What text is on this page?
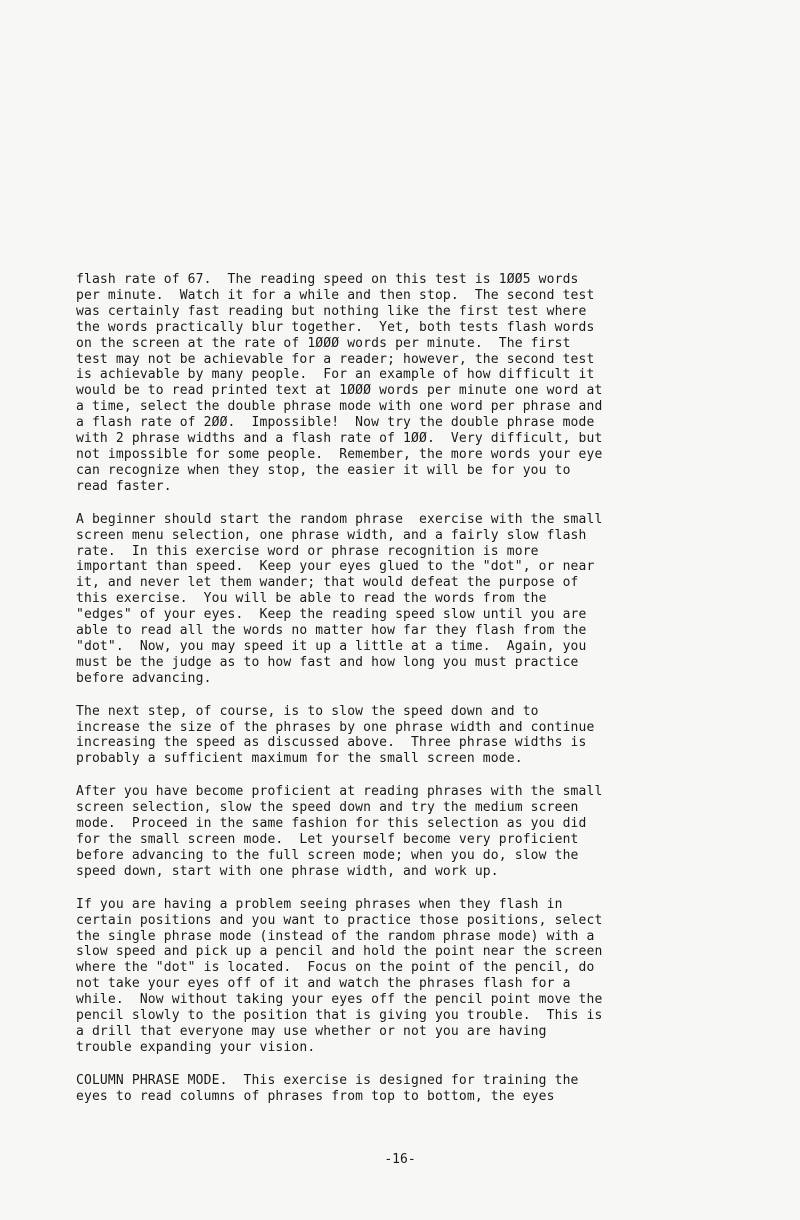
flash rate of 67.  The reading speed on this test is 1ØØ5 words
per minute.  Watch it for a while and then stop.  The second test
was certainly fast reading but nothing like the first test where
the words practically blur together.  Yet, both tests flash words
on the screen at the rate of 1ØØØ words per minute.  The first
test may not be achievable for a reader; however, the second test
is achievable by many people.  For an example of how difficult it
would be to read printed text at 1ØØØ words per minute one word at
a time, select the double phrase mode with one word per phrase and
a flash rate of 2ØØ.  Impossible!  Now try the double phrase mode
with 2 phrase widths and a flash rate of 1ØØ.  Very difficult, but
not impossible for some people.  Remember, the more words your eye
can recognize when they stop, the easier it will be for you to
read faster.

A beginner should start the random phrase  exercise with the small
screen menu selection, one phrase width, and a fairly slow flash
rate.  In this exercise word or phrase recognition is more
important than speed.  Keep your eyes glued to the "dot", or near
it, and never let them wander; that would defeat the purpose of
this exercise.  You will be able to read the words from the
"edges" of your eyes.  Keep the reading speed slow until you are
able to read all the words no matter how far they flash from the
"dot".  Now, you may speed it up a little at a time.  Again, you
must be the judge as to how fast and how long you must practice
before advancing.

The next step, of course, is to slow the speed down and to
increase the size of the phrases by one phrase width and continue
increasing the speed as discussed above.  Three phrase widths is
probably a sufficient maximum for the small screen mode.

After you have become proficient at reading phrases with the small
screen selection, slow the speed down and try the medium screen
mode.  Proceed in the same fashion for this selection as you did
for the small screen mode.  Let yourself become very proficient
before advancing to the full screen mode; when you do, slow the
speed down, start with one phrase width, and work up.

If you are having a problem seeing phrases when they flash in
certain positions and you want to practice those positions, select
the single phrase mode (instead of the random phrase mode) with a
slow speed and pick up a pencil and hold the point near the screen
where the "dot" is located.  Focus on the point of the pencil, do
not take your eyes off of it and watch the phrases flash for a
while.  Now without taking your eyes off the pencil point move the
pencil slowly to the position that is giving you trouble.  This is
a drill that everyone may use whether or not you are having
trouble expanding your vision.

COLUMN PHRASE MODE.  This exercise is designed for training the
eyes to read columns of phrases from top to bottom, the eyes

-16-
